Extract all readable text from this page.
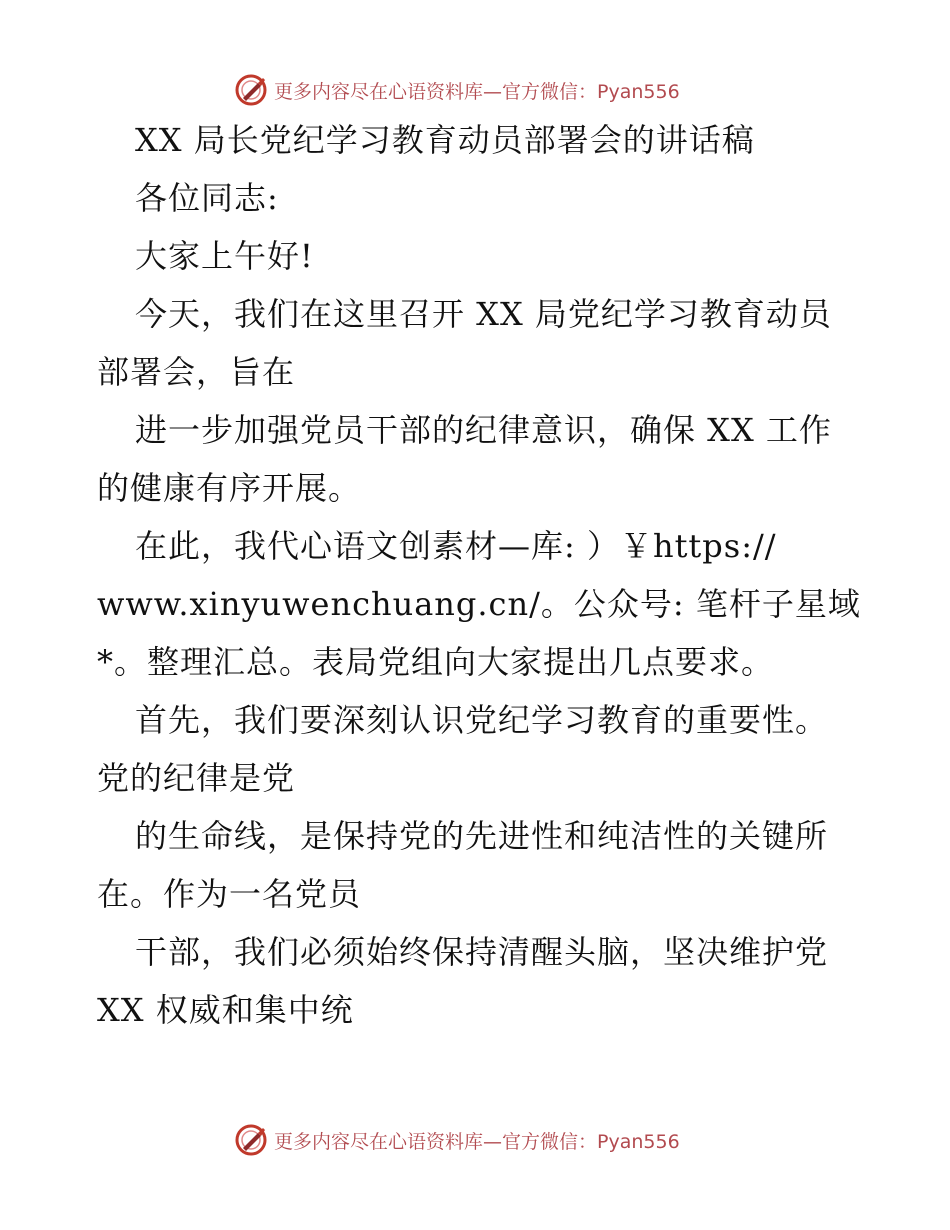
更多内容尽在心语资料库—官方微信：Pyan556
XX 局长党纪学习教育动员部署会的讲话稿
各位同志:
大家上午好!
今天，我们在这里召开 XX 局党纪学习教育动员
部署会，旨在
进一步加强党员干部的纪律意识，确保 XX 工作
的健康有序开展。
在此，我代心语文创素材—库: ）￥https://
www.xinyuwenchuang.cn/。公众号: 笔杆子星域
*。整理汇总。表局党组向大家提出几点要求。
首先，我们要深刻认识党纪学习教育的重要性。
党的纪律是党
的生命线，是保持党的先进性和纯洁性的关键所
在。作为一名党员
干部，我们必须始终保持清醒头脑，坚决维护党
XX 权威和集中统
更多内容尽在心语资料库—官方微信：Pyan556
